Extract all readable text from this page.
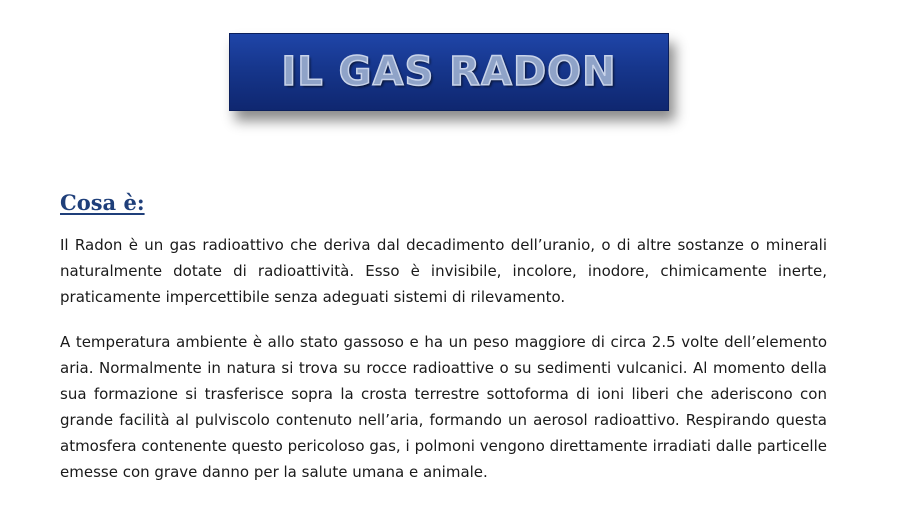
IL GAS RADON
Cosa è:

Il Radon è un gas radioattivo che deriva dal decadimento dell’uranio, o di altre sostanze o minerali naturalmente dotate di radioattività. Esso è invisibile, incolore, inodore, chimicamente inerte, praticamente impercettibile senza adeguati sistemi di rilevamento.

A temperatura ambiente è allo stato gassoso e ha un peso maggiore di circa 2.5 volte dell’elemento aria. Normalmente in natura si trova su rocce radioattive o su sedimenti vulcanici. Al momento della sua formazione si trasferisce sopra la crosta terrestre sottoforma di ioni liberi che aderiscono con grande facilità al pulviscolo contenuto nell’aria, formando un aerosol radioattivo. Respirando questa atmosfera contenente questo pericoloso gas, i polmoni vengono direttamente irradiati dalle particelle emesse con grave danno per la salute umana e animale.
